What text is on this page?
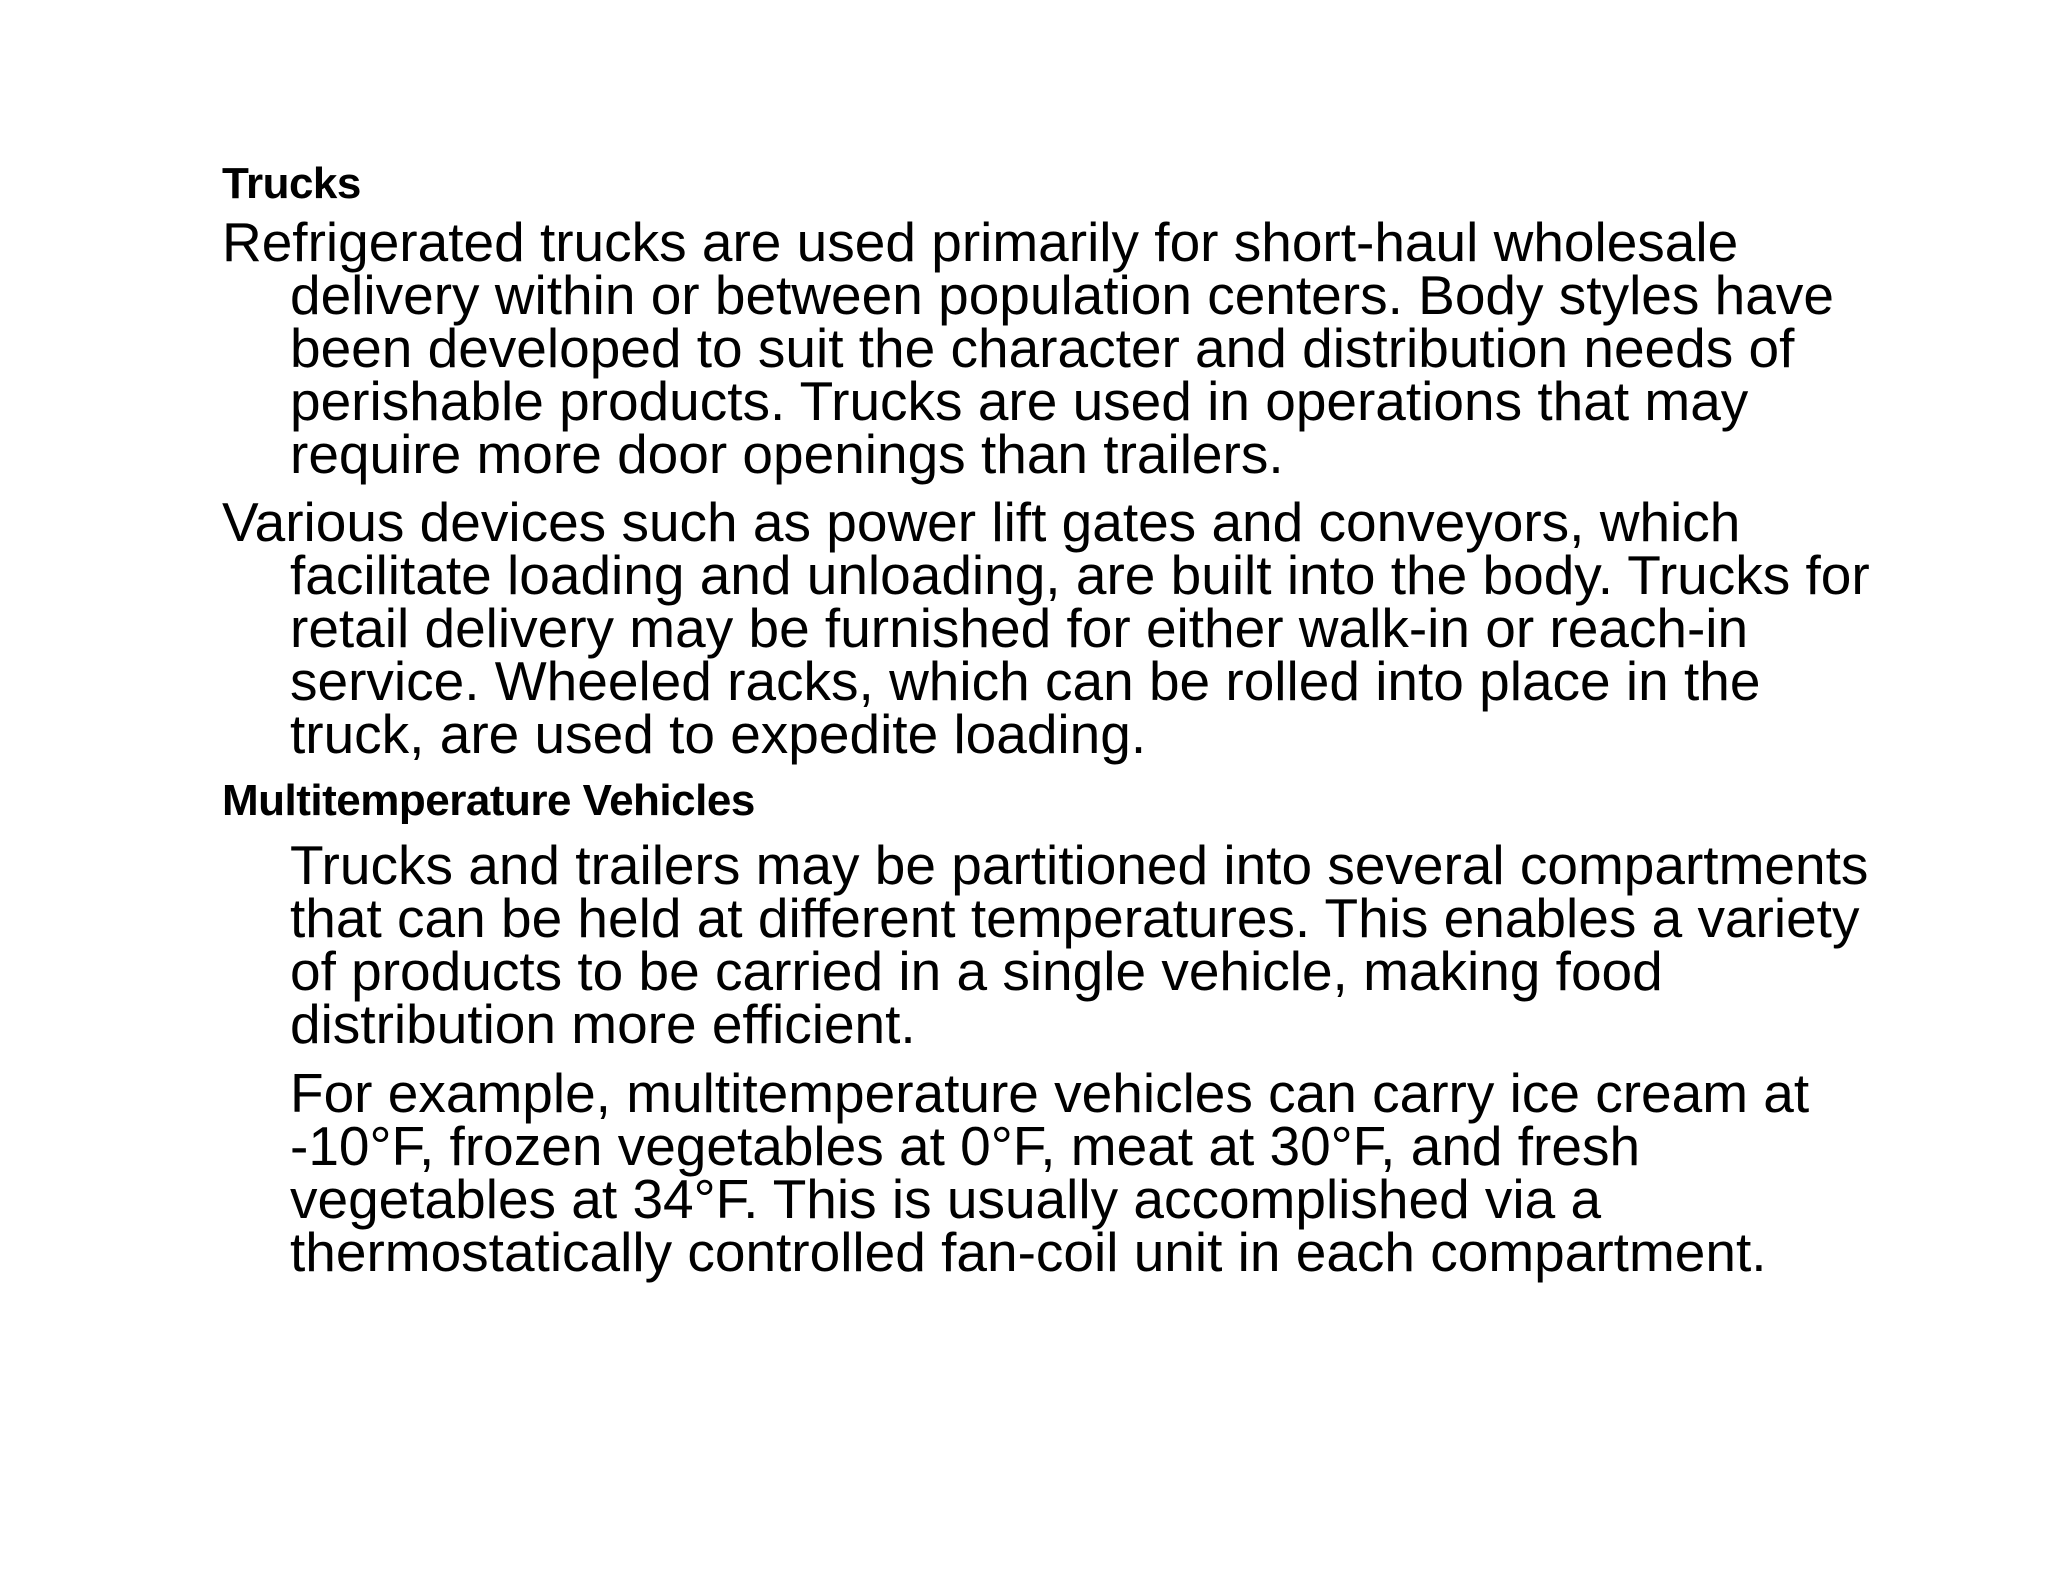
Trucks

Refrigerated trucks are used primarily for short-haul wholesale delivery within or between population centers. Body styles have been developed to suit the character and distribution needs of perishable products. Trucks are used in operations that may require more door openings than trailers.

Various devices such as power lift gates and conveyors, which facilitate loading and unloading, are built into the body. Trucks for retail delivery may be furnished for either walk-in or reach-in service. Wheeled racks, which can be rolled into place in the truck, are used to expedite loading.

Multitemperature Vehicles

Trucks and trailers may be partitioned into several compartments that can be held at different temperatures. This enables a variety of products to be carried in a single vehicle, making food distribution more efficient.

For example, multitemperature vehicles can carry ice cream at -10°F, frozen vegetables at 0°F, meat at 30°F, and fresh vegetables at 34°F. This is usually accomplished via a thermostatically controlled fan-coil unit in each compartment.
